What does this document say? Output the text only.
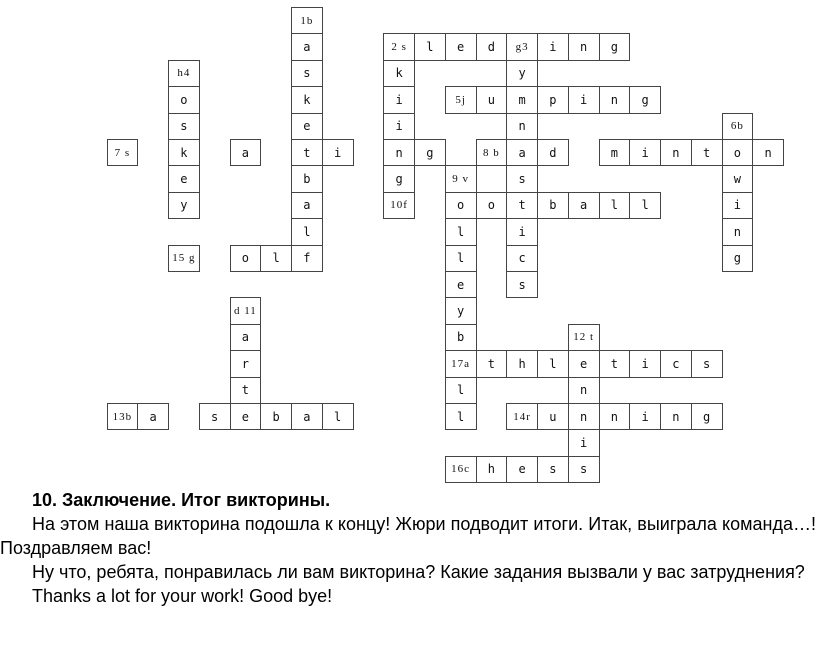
1b
a	2 s	l	e	d	g3	i	n	g
h4	s	k	y
o	k	i	5j	u	m	p	i	n	g
s	e	i	n	6b
7 s	k	a	t	i	n	g	8 b	a	d	m	i	n	t	o	n
e	b	g	9 v	s	w
y	a	10f	o	o	t	b	a	l	l	i
l	l	i	n
15 g	o	l	f	l	c	g
e	s
d 11	y
a	b	12 t
r	17a	t	h	l	e	t	i	c	s
t	l	n
13b	a	s	e	b	a	l	l	14r	u	n	n	i	n	g
i
16c	h	e	s	s

10. Заключение. Итог викторины.

На этом наша викторина подошла к концу! Жюри подводит итоги. Итак, выиграла команда…! Поздравляем вас!

Ну что, ребята, понравилась ли вам викторина? Какие задания вызвали у вас затруднения?

Thanks a lot for your work! Good bye!
